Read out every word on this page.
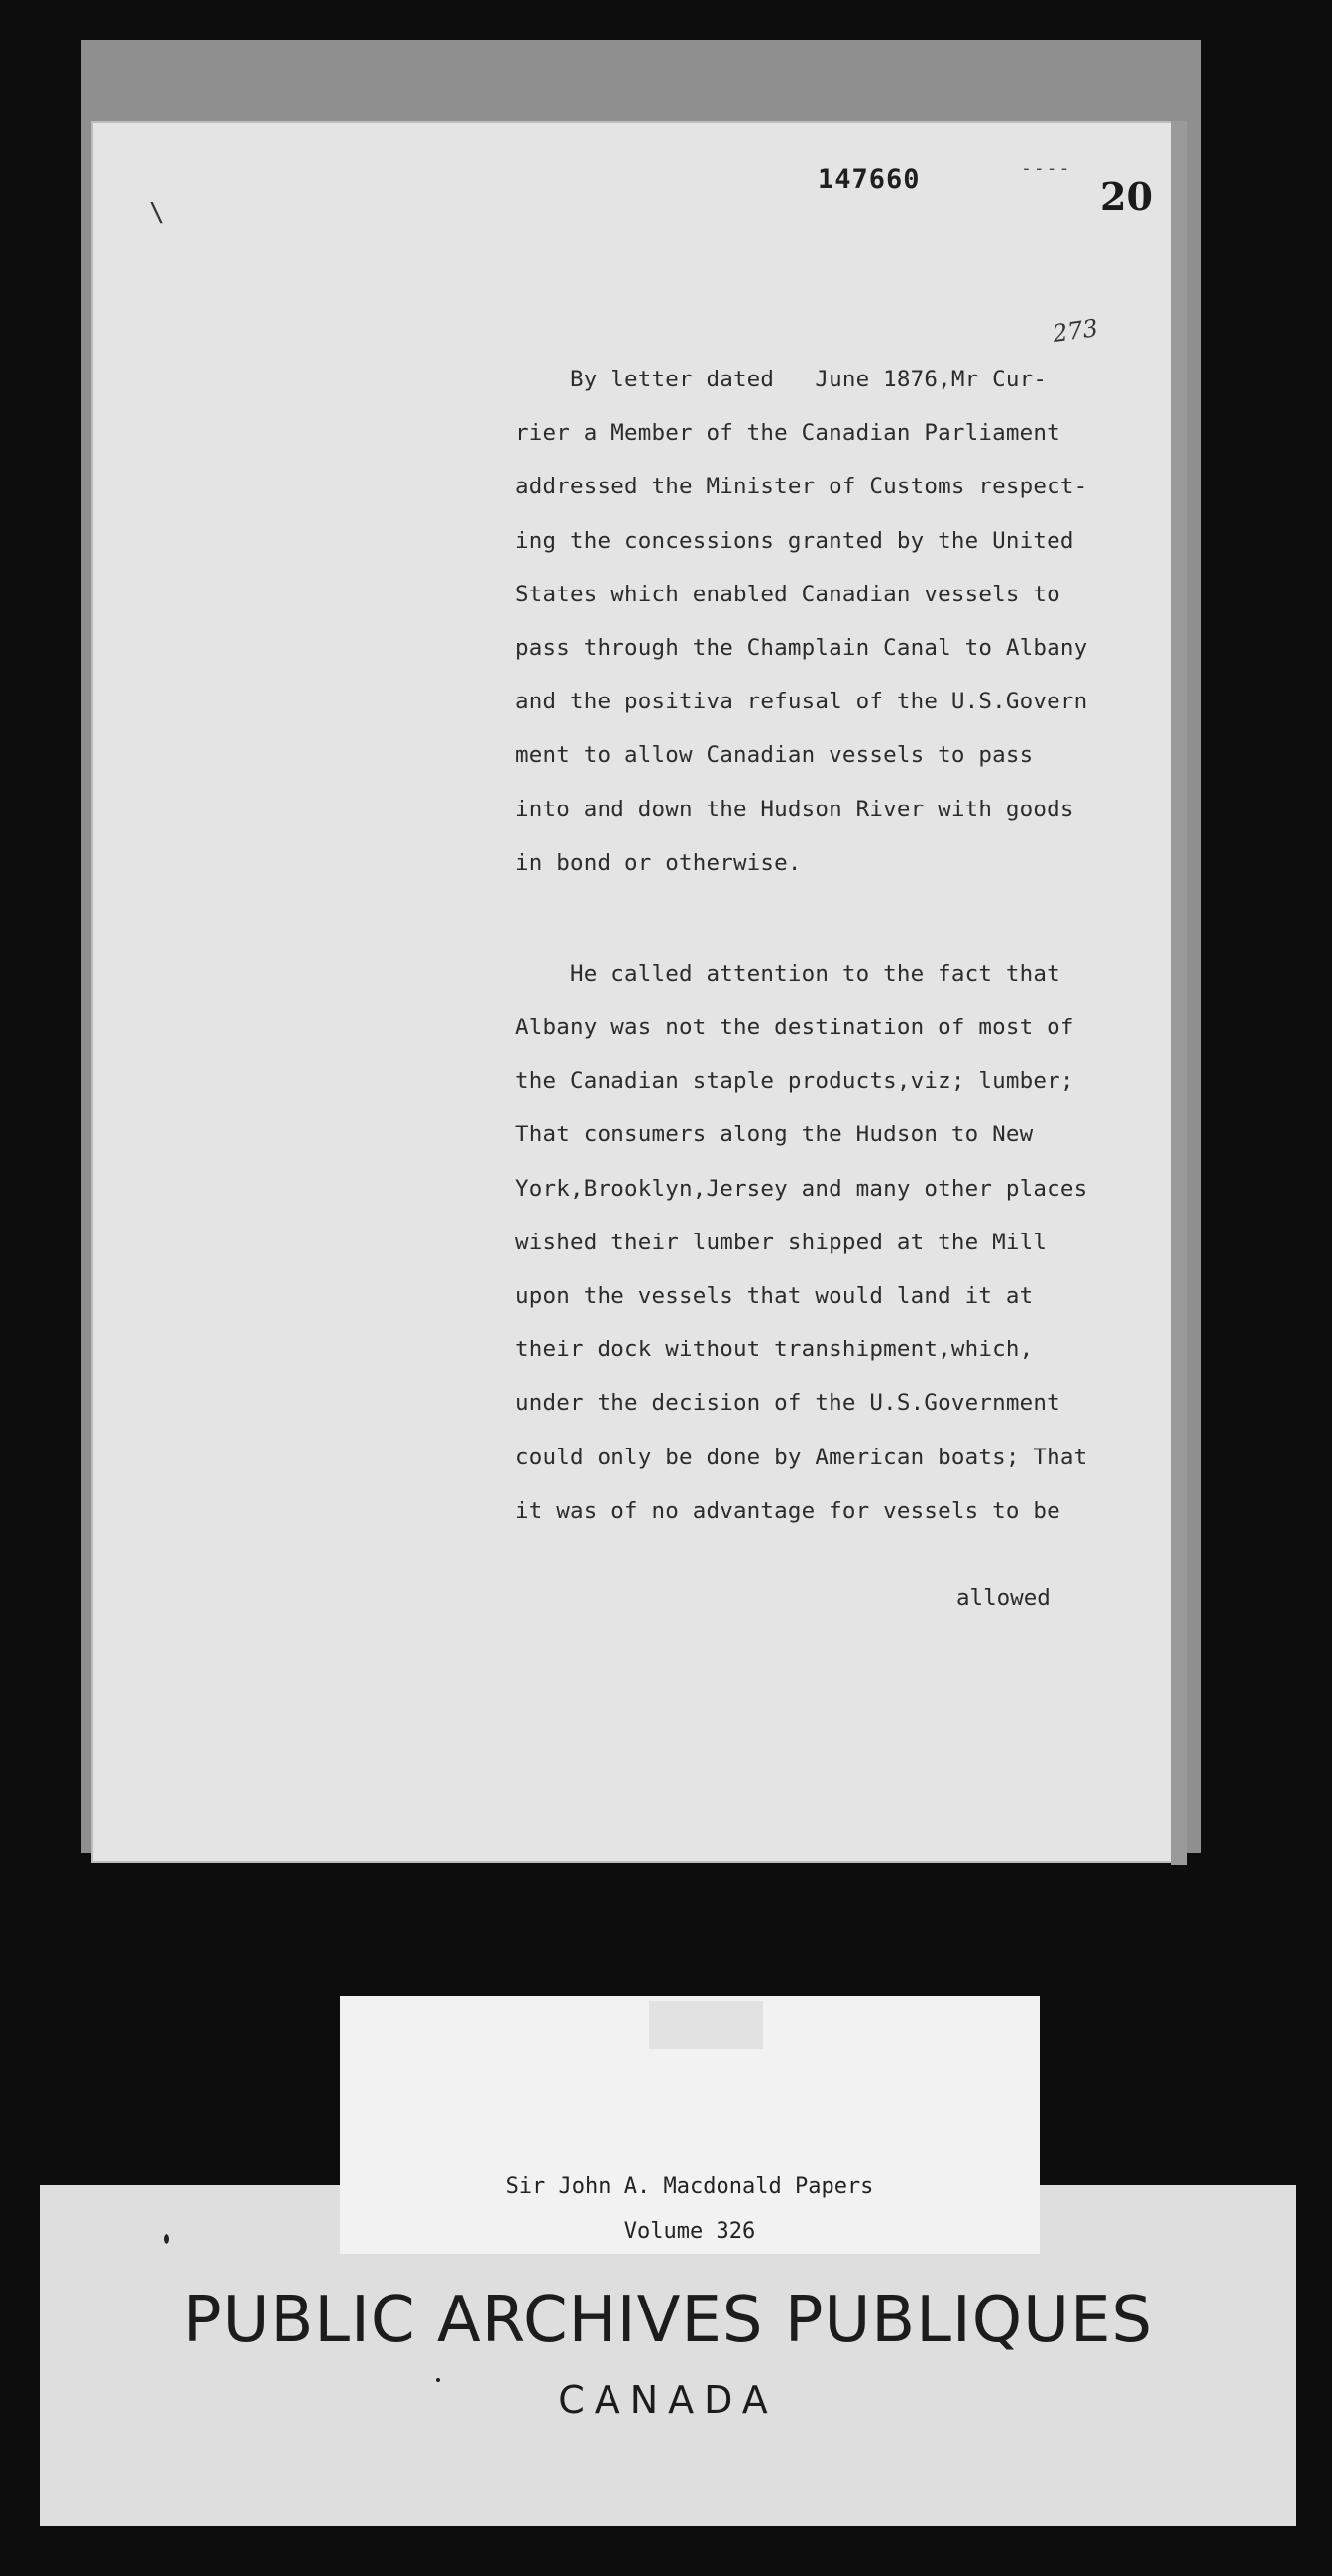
\
147660	----
20
273
By letter dated   June 1876,Mr Cur-
rier a Member of the Canadian Parliament
addressed the Minister of Customs respect-
ing the concessions granted by the United
States which enabled Canadian vessels to
pass through the Champlain Canal to Albany
and the positiva refusal of the U.S.Govern
ment to allow Canadian vessels to pass
into and down the Hudson River with goods
in bond or otherwise.
He called attention to the fact that
Albany was not the destination of most of
the Canadian staple products,viz; lumber;
That consumers along the Hudson to New
York,Brooklyn,Jersey and many other places
wished their lumber shipped at the Mill
upon the vessels that would land it at
their dock without transhipment,which,
under the decision of the U.S.Government
could only be done by American boats; That
it was of no advantage for vessels to be
allowed
Sir John A. Macdonald Papers
Volume 326
PUBLIC ARCHIVES PUBLIQUES
CANADA
